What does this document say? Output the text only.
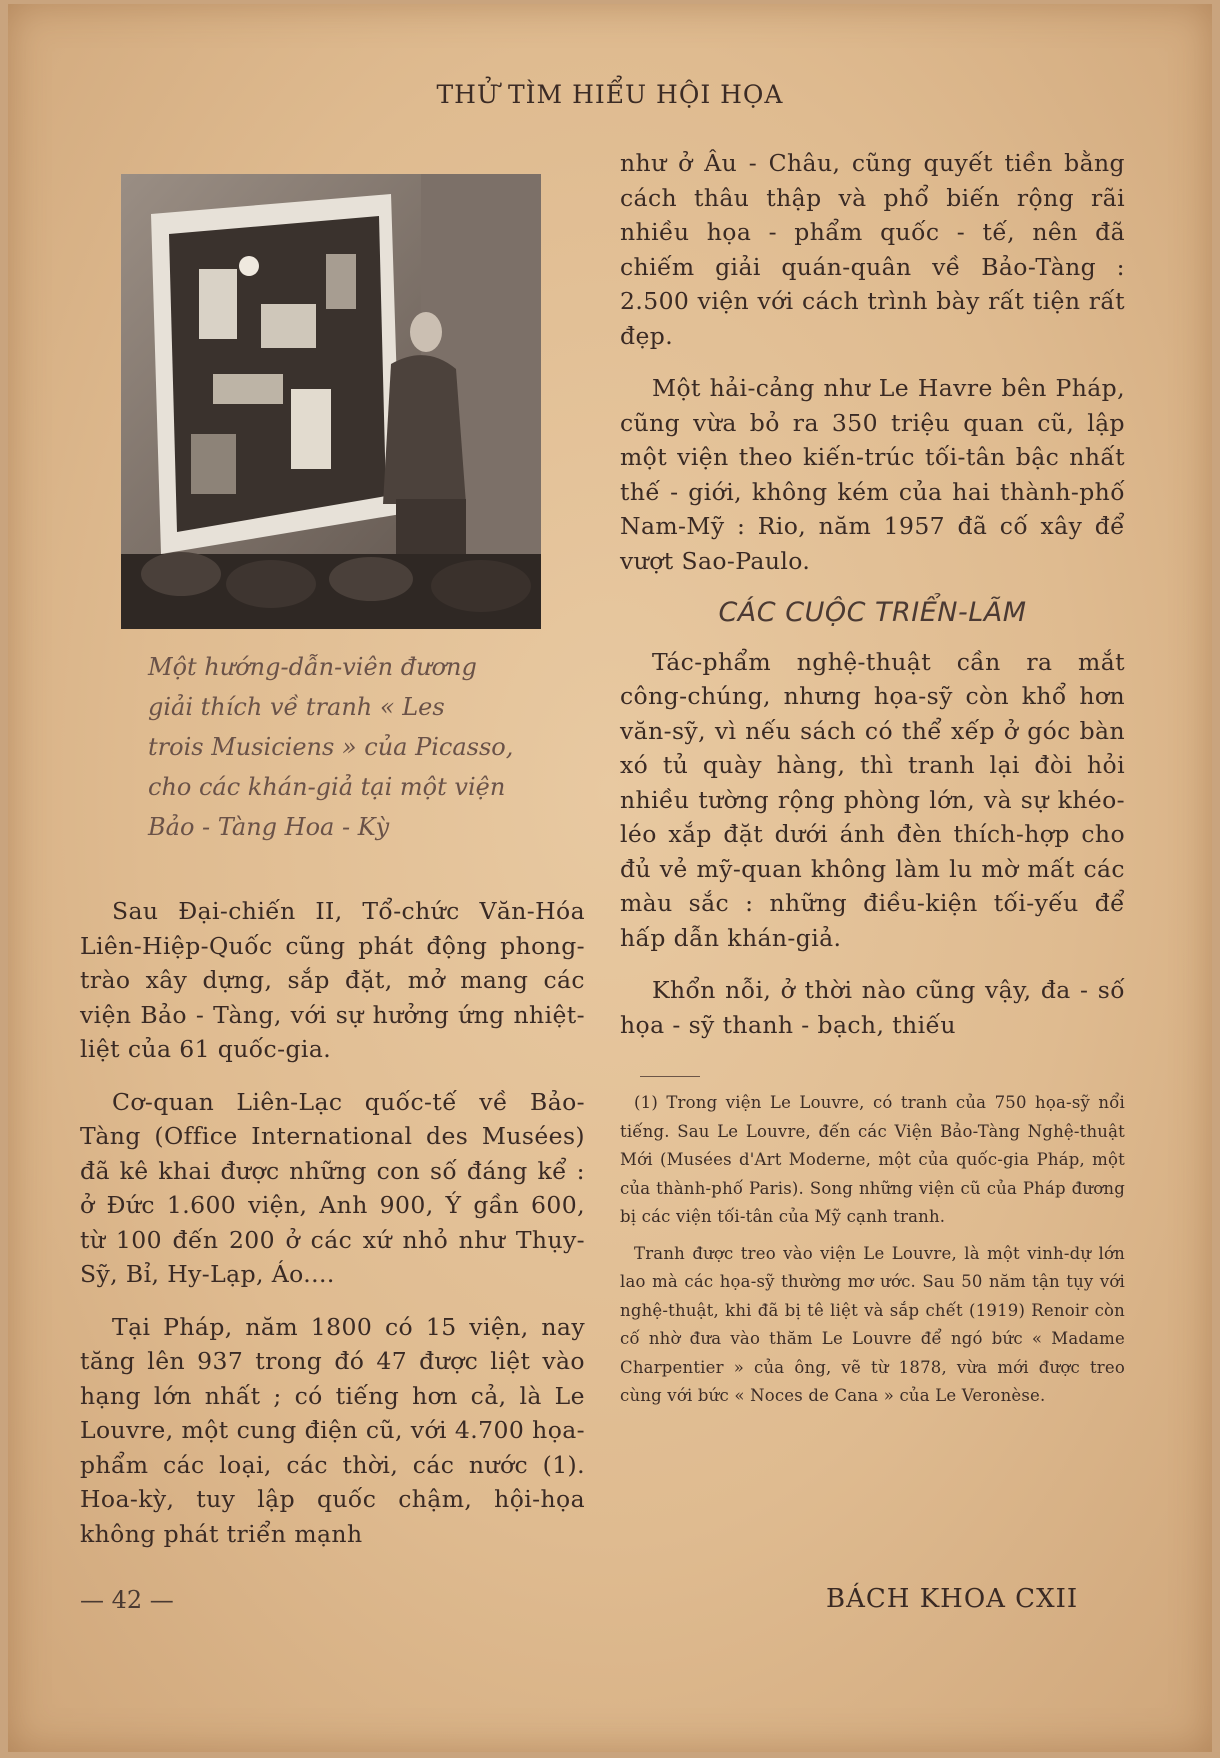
THỬ TÌM HIỂU HỘI HỌA
Một hướng-dẫn-viên đương
giải thích về tranh « Les
trois Musiciens » của Picasso,
cho các khán-giả tại một viện
Bảo - Tàng Hoa - Kỳ

Sau Đại-chiến II, Tổ-chức Văn-Hóa Liên-Hiệp-Quốc cũng phát động phong-trào xây dựng, sắp đặt, mở mang các viện Bảo - Tàng, với sự hưởng ứng nhiệt-liệt của 61 quốc-gia.

Cơ-quan Liên-Lạc quốc-tế về Bảo-Tàng (Office International des Musées) đã kê khai được những con số đáng kể : ở Đức 1.600 viện, Anh 900, Ý gần 600, từ 100 đến 200 ở các xứ nhỏ như Thụy-Sỹ, Bỉ, Hy-Lạp, Áo....

Tại Pháp, năm 1800 có 15 viện, nay tăng lên 937 trong đó 47 được liệt vào hạng lớn nhất ; có tiếng hơn cả, là Le Louvre, một cung điện cũ, với 4.700 họa-phẩm các loại, các thời, các nước (1). Hoa-kỳ, tuy lập quốc chậm, hội-họa không phát triển mạnh

như ở Âu - Châu, cũng quyết tiền bằng cách thâu thập và phổ biến rộng rãi nhiều họa - phẩm quốc - tế, nên đã chiếm giải quán-quân về Bảo-Tàng : 2.500 viện với cách trình bày rất tiện rất đẹp.

Một hải-cảng như Le Havre bên Pháp, cũng vừa bỏ ra 350 triệu quan cũ, lập một viện theo kiến-trúc tối-tân bậc nhất thế - giới, không kém của hai thành-phố Nam-Mỹ : Rio, năm 1957 đã cố xây để vượt Sao-Paulo.

CÁC CUỘC TRIỂN-LÃM

Tác-phẩm nghệ-thuật cần ra mắt công-chúng, nhưng họa-sỹ còn khổ hơn văn-sỹ, vì nếu sách có thể xếp ở góc bàn xó tủ quày hàng, thì tranh lại đòi hỏi nhiều tường rộng phòng lớn, và sự khéo-léo xắp đặt dưới ánh đèn thích-hợp cho đủ vẻ mỹ-quan không làm lu mờ mất các màu sắc : những điều-kiện tối-yếu để hấp dẫn khán-giả.

Khổn nỗi, ở thời nào cũng vậy, đa - số họa - sỹ thanh - bạch, thiếu

(1) Trong viện Le Louvre, có tranh của 750 họa-sỹ nổi tiếng. Sau Le Louvre, đến các Viện Bảo-Tàng Nghệ-thuật Mới (Musées d'Art Moderne, một của quốc-gia Pháp, một của thành-phố Paris). Song những viện cũ của Pháp đương bị các viện tối-tân của Mỹ cạnh tranh.

Tranh được treo vào viện Le Louvre, là một vinh-dự lớn lao mà các họa-sỹ thường mơ ước. Sau 50 năm tận tụy với nghệ-thuật, khi đã bị tê liệt và sắp chết (1919) Renoir còn cố nhờ đưa vào thăm Le Louvre để ngó bức « Madame Charpentier » của ông, vẽ từ 1878, vừa mới được treo cùng với bức « Noces de Cana » của Le Veronèse.

— 42 —	BÁCH KHOA CXII
